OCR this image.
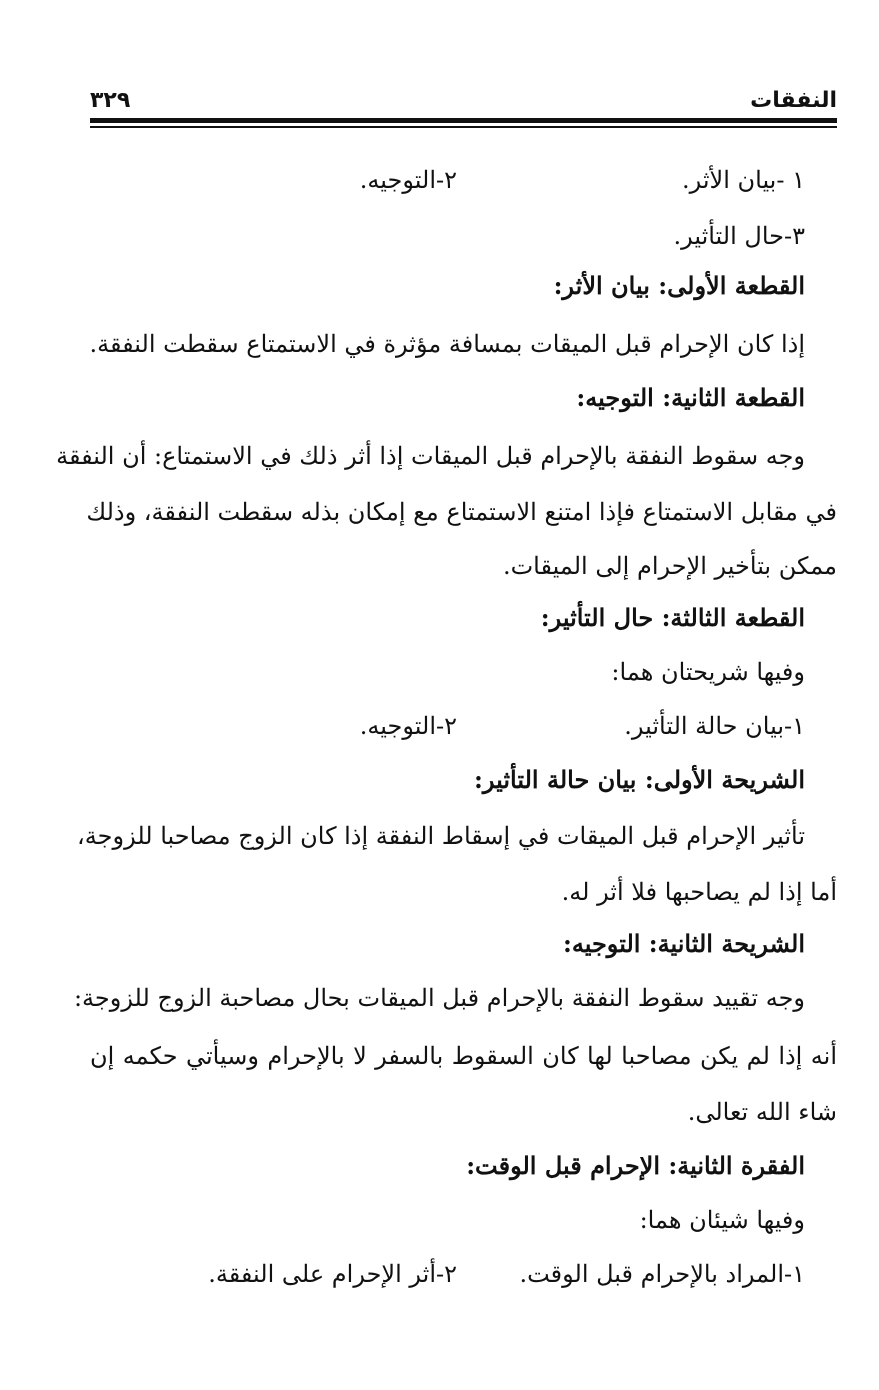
النفقات
٣٢٩
١ -بيان الأثر.
٢-التوجيه.
٣-حال التأثير.
القطعة الأولى: بيان الأثر:
إذا كان الإحرام قبل الميقات بمسافة مؤثرة في الاستمتاع سقطت النفقة.
القطعة الثانية: التوجيه:
وجه سقوط النفقة بالإحرام قبل الميقات إذا أثر ذلك في الاستمتاع: أن النفقة
في مقابل الاستمتاع فإذا امتنع الاستمتاع مع إمكان بذله سقطت النفقة، وذلك
ممكن بتأخير الإحرام إلى الميقات.
القطعة الثالثة: حال التأثير:
وفيها شريحتان هما:
١-بيان حالة التأثير.
٢-التوجيه.
الشريحة الأولى: بيان حالة التأثير:
تأثير الإحرام قبل الميقات في إسقاط النفقة إذا كان الزوج مصاحبا للزوجة،
أما إذا لم يصاحبها فلا أثر له.
الشريحة الثانية: التوجيه:
وجه تقييد سقوط النفقة بالإحرام قبل الميقات بحال مصاحبة الزوج للزوجة:
أنه إذا لم يكن مصاحبا لها كان السقوط بالسفر لا بالإحرام وسيأتي حكمه إن
شاء الله تعالى.
الفقرة الثانية: الإحرام قبل الوقت:
وفيها شيئان هما:
١-المراد بالإحرام قبل الوقت.
٢-أثر الإحرام على النفقة.
